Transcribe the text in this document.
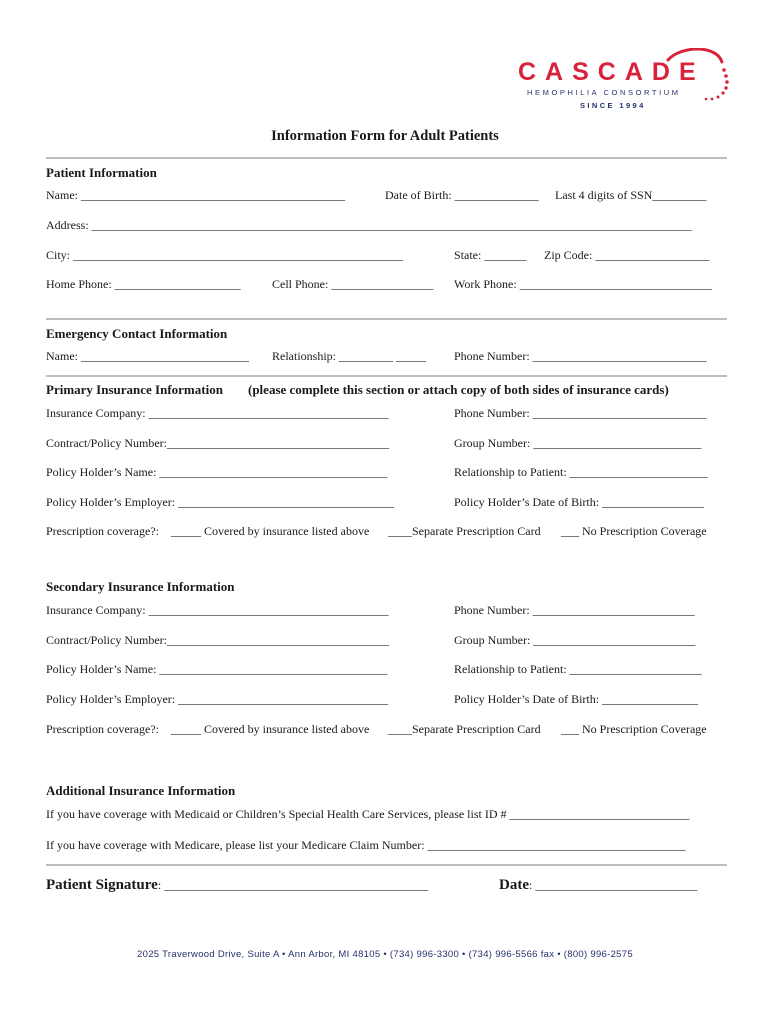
CASCADE
HEMOPHILIA CONSORTIUM
SINCE 1994
Information Form for Adult Patients
Patient Information
Name: ____________________________________________	Date of Birth: ______________ Last 4 digits of SSN_________
Address: ____________________________________________________________________________________________________
City: _______________________________________________________	State: _______ Zip Code: ___________________
Home Phone: _____________________	Cell Phone: _________________ Work Phone: ________________________________
Emergency Contact Information
Name: ____________________________ Relationship: _________ _____ Phone Number: _____________________________
Primary Insurance Information (please complete this section or attach copy of both sides of insurance cards)
Insurance Company: ________________________________________	Phone Number: _____________________________
Contract/Policy Number:_____________________________________	Group Number: ____________________________
Policy Holder’s Name: ______________________________________	Relationship to Patient: _______________________
Policy Holder’s Employer: ____________________________________	Policy Holder’s Date of Birth: _________________
Prescription coverage?: _____ Covered by insurance listed above ____Separate Prescription Card ___ No Prescription Coverage
Secondary Insurance Information
Insurance Company: ________________________________________	Phone Number: ___________________________
Contract/Policy Number:_____________________________________	Group Number: ___________________________
Policy Holder’s Name: ______________________________________	Relationship to Patient: ______________________
Policy Holder’s Employer: ___________________________________	Policy Holder’s Date of Birth: ________________
Prescription coverage?: _____ Covered by insurance listed above ____Separate Prescription Card ___ No Prescription Coverage
Additional Insurance Information
If you have coverage with Medicaid or Children’s Special Health Care Services, please list ID # ______________________________
If you have coverage with Medicare, please list your Medicare Claim Number: ___________________________________________
Patient Signature: ____________________________________________	Date: ___________________________
2025 Traverwood Drive, Suite A • Ann Arbor, MI 48105 • (734) 996-3300 • (734) 996-5566 fax • (800) 996-2575
